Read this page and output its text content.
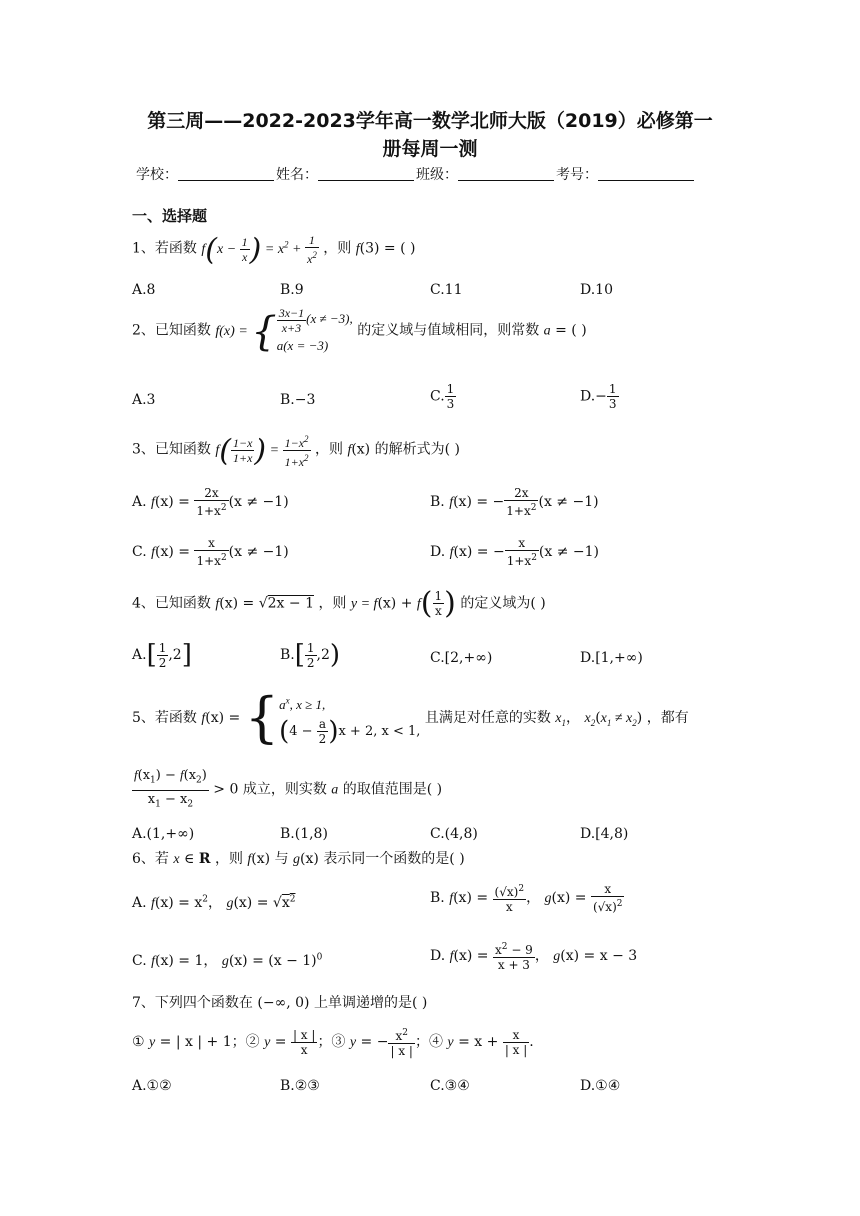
第三周——2022-2023学年高一数学北师大版（2019）必修第一
册每周一测
学校：	姓名：	班级：	考号：
一、选择题
1、若函数 $f(x - \frac{1}{x}$ ) = $x^2 + \frac{1}{x^2}$ ，则 f(3) = ( )
A.8	B.9	C.11	D.10
2、已知函数 f(x) = { $\frac{3x-1}{x+3} (x \ne -3)$,
a(x = −3) 的定义域与值域相同，则常数 a = ( )
A.3	B.−3	C. $\frac{1}{3}$	$D.- \frac{1}{3}$
3、已知函数 $f( \frac{1-x}{1+x}$ ) = $\frac{1-x^2}{1+x^2}$ ，则 f(x) 的解析式为( )
A. $f(x) = \frac{2x}{1+x^2} (x \ne -1)$	B. f(x) = − $\frac{2x}{1+x^2} (x \ne -1)$
C. $f(x) = \frac{x}{1+x^2} (x \ne -1)$	D. f(x) = − $\frac{x}{1+x^2} (x \ne -1)$
4、已知函数 f(x) = √2x − 1 ，则 $y = f(x) + f( \frac{1}{x}$ ) 的定义域为( )
$A.[ \frac{1}{2} ,2]$	$B.[ \frac{1}{2} ,2)$	C.[2,+∞)	D.[1,+∞)
5、若函数 $f(x) = \{a^x$, x ≥ 1,
$(4 - \frac{a}{2} )x + 2$, x < 1, 且满足对任意的实数 $x_1$， $x_2(x_1 \ne x_2)$ ，都有
$\frac{f(x_1) - f(x_2)}{x_1 - x_2} > 0$ 成立，则实数 a 的取值范围是( )
A.(1,+∞)	B.(1,8)	C.(4,8)	D.[4,8)
6、若 x ∈ R ，则 f(x) 与 g(x) 表示同一个函数的是( )
A. $f(x) = x^2$， $g(x) = √x^2$	B. $f(x) = \frac{(√x)^2}{x}$ ， $g(x) = \frac{x}{(√x)^2}$
C. f(x) = 1， $g(x) = (x - 1)^0$	D. $f(x) = \frac{x^2 - 9}{x + 3}$ ， g(x) = x − 3
7、下列四个函数在 (−∞, 0) 上单调递增的是( )
① y = | x | + 1；② $y = \frac{| x |}{x}$ ；③ y = − $\frac{x^2}{| x |}$ ；④ $y = x + \frac{x}{| x |}$ .
A.①②	B.②③	C.③④	D.①④
